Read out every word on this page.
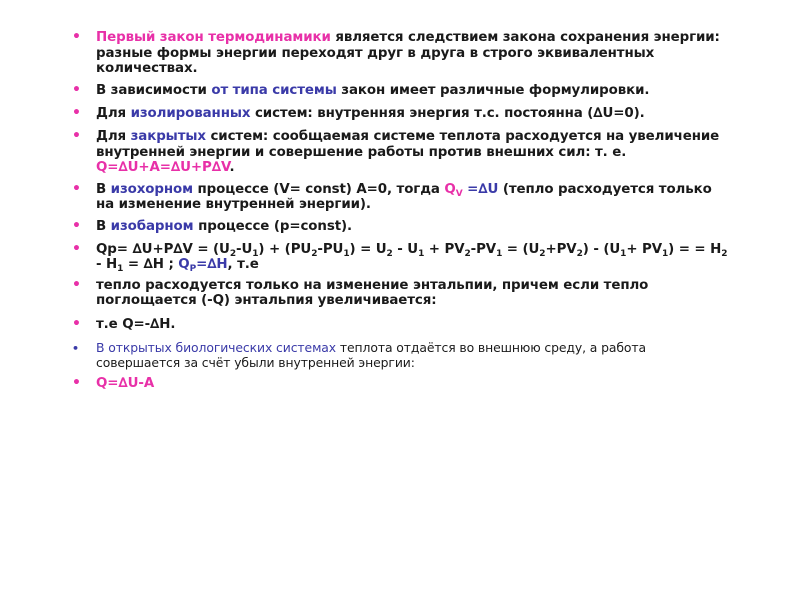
• Первый закон термодинамики является следствием закона сохранения энергии: разные формы энергии переходят друг в друга в строго эквивалентных количествах.
• В зависимости от типа системы закон имеет различные формулировки.
• Для изолированных систем: внутренняя энергия т.с. постоянна (∆U=0).
• Для закрытых систем: сообщаемая системе теплота расходуется на увеличение внутренней энергии и совершение работы против внешних сил: т. е. Q=∆U+A=∆U+P∆V.
• В изохорном процессе (V= const) A=0, тогда $Q_V =\Delta U$ (тепло расходуется только на изменение внутренней энергии).
• В изобарном процессе (p=const).
• $Qp= \Delta U+P\Delta V = (U_2-U_1) + (PU_2-PU_1) = U_2 - U_1 + PV_2-PV_1 = (U_2+PV_2) - (U_1+ PV_1)$ = = $H_2 - H_1 = \Delta H$ ; $Q_P=\Delta H$, т.е
• тепло расходуется только на изменение энтальпии, причем если тепло поглощается (-Q) энтальпия увеличивается:
• т.е Q=-∆H.
• В открытых биологических системах теплота отдаётся во внешнюю среду, а работа совершается за счёт убыли внутренней энергии:
• Q=∆U-A
